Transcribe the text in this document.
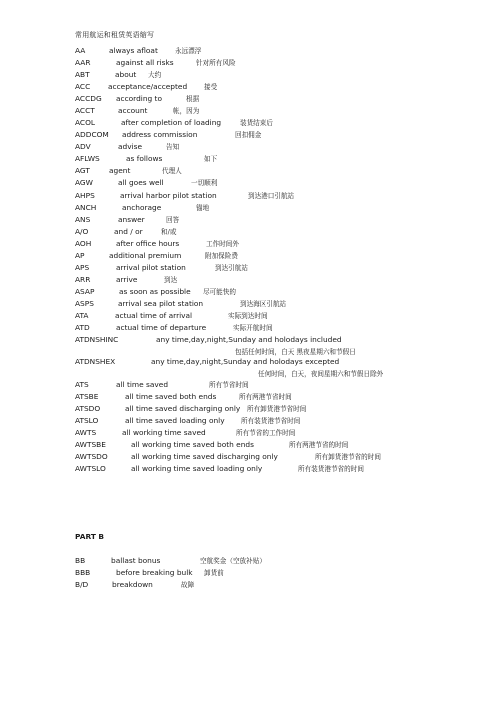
常用航运和租赁英语缩写
AA	always afloat	永远漂浮
AAR	against all risks	针对所有风险
ABT	about 大约
ACC acceptance/accepted	接受
ACCDG according to	根据
ACCT	account	帐，因为
ACOL	after completion of loading	装货结束后
ADDCOM address commission	回扣佣金
ADV	advise	告知
AFLWS	as follows	如下
AGT	agent	代理人
AGW	all goes well	一切顺利
AHPS	arrival harbor pilot station	到达港口引航站
ANCH	anchorage	锚地
ANS	answer	回答
A/O	and / or	和/或
AOH	after office hours	工作时间外
AP	additional premium	附加保险费
APS	arrival pilot station	到达引航站
ARR	arrive	到达
ASAP	as soon as possible 尽可能快的
ASPS	arrival sea pilot station	到达海区引航站
ATA	actual time of arrival	实际到达时间
ATD	actual time of departure	实际开航时间
ATDNSHINC	any time,day,night,Sunday and holodays included
包括任何时间，白天 黑夜星期六和节假日
ATDNSHEX	any time,day,night,Sunday and holodays excepted
任何时间，白天，夜间星期六和节假日除外
ATS	all time saved	所有节省时间
ATSBE	all time saved both ends	所有两港节省时间
ATSDO	all time saved discharging only 所有卸货港节省时间
ATSLO	all time saved loading only 所有装货港节省时间
AWTS	all working time saved	所有节省的工作时间
AWTSBE	all working time saved both ends	所有两港节省的时间
AWTSDO	all working time saved discharging only	所有卸货港节省的时间
AWTSLO	all working time saved loading only	所有装货港节省的时间
PART B
BB	ballast bonus	空航奖金（空放补贴）
BBB	before breaking bulk 卸货前
B/D	breakdown	故障
